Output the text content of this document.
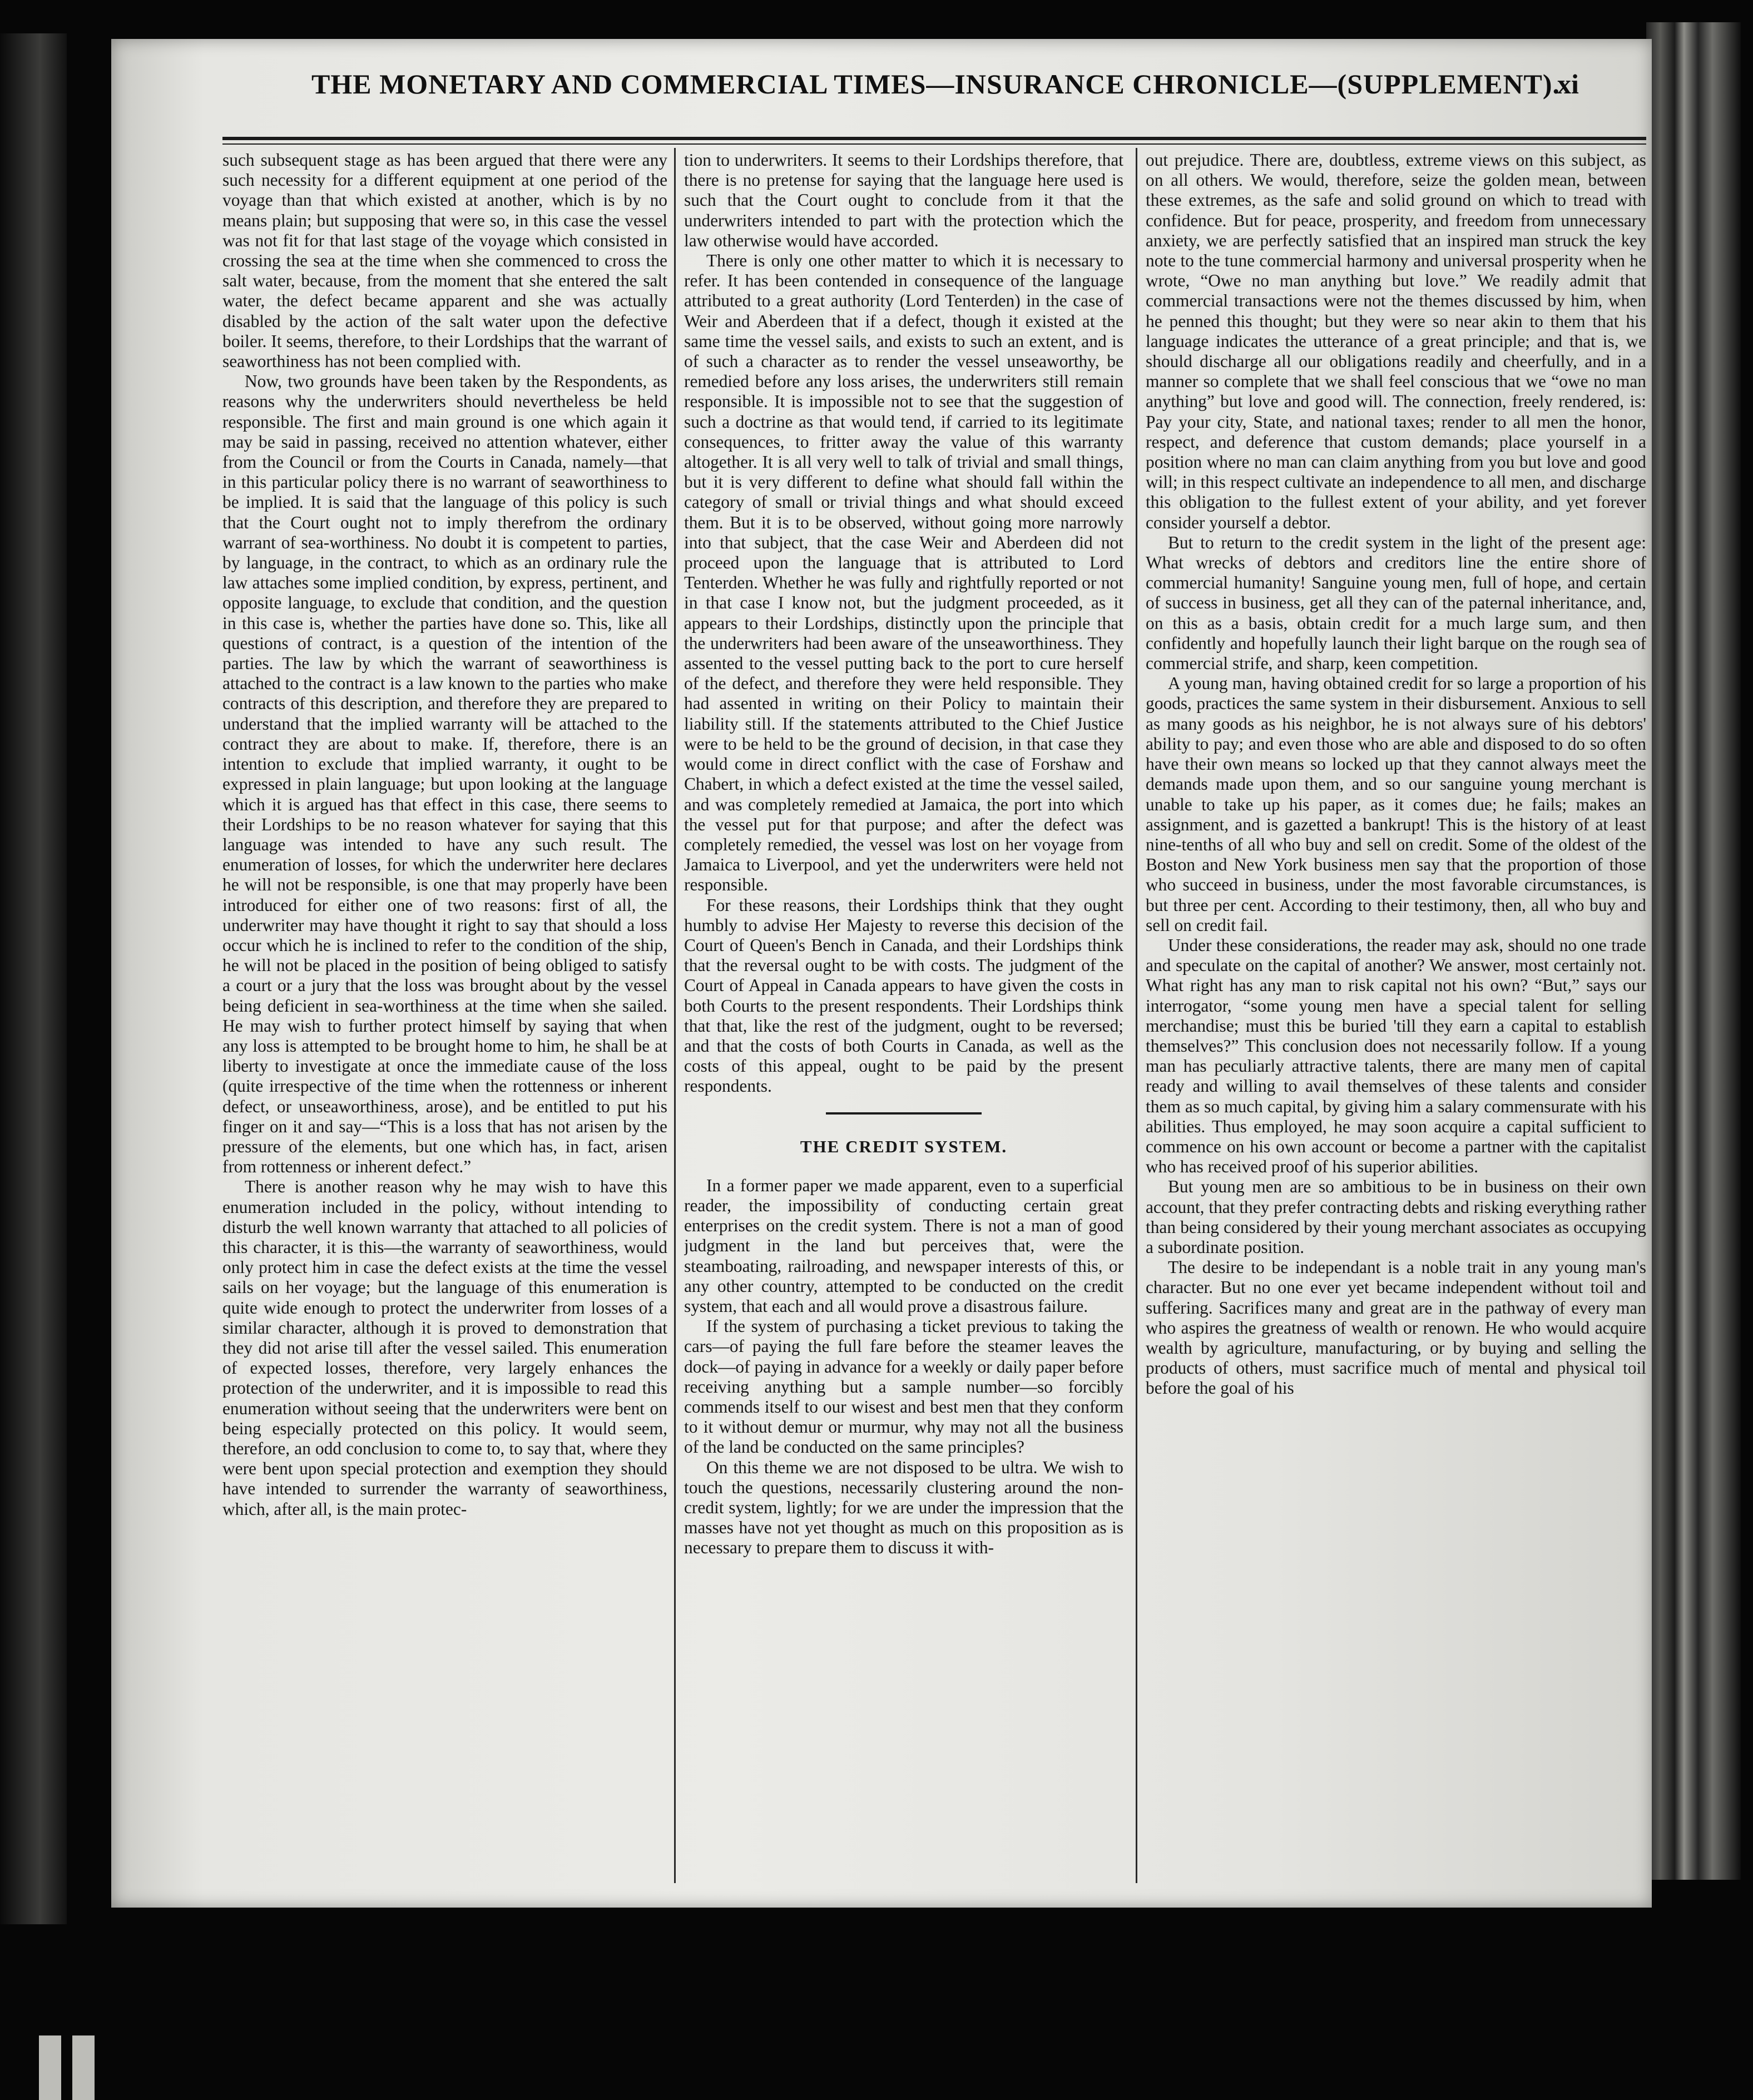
THE MONETARY AND COMMERCIAL TIMES—INSURANCE CHRONICLE—(SUPPLEMENT).
xi

such subsequent stage as has been argued that there were any such necessity for a different equipment at one period of the voyage than that which existed at another, which is by no means plain; but supposing that were so, in this case the vessel was not fit for that last stage of the voyage which consisted in crossing the sea at the time when she commenced to cross the salt water, because, from the moment that she entered the salt water, the defect became apparent and she was actually disabled by the action of the salt water upon the defective boiler. It seems, therefore, to their Lordships that the warrant of seaworthiness has not been complied with.

Now, two grounds have been taken by the Respondents, as reasons why the underwriters should nevertheless be held responsible. The first and main ground is one which again it may be said in passing, received no attention whatever, either from the Council or from the Courts in Canada, namely—that in this particular policy there is no warrant of seaworthiness to be implied. It is said that the language of this policy is such that the Court ought not to imply therefrom the ordinary warrant of sea-worthiness. No doubt it is competent to parties, by language, in the contract, to which as an ordinary rule the law attaches some implied condition, by express, pertinent, and opposite language, to exclude that condition, and the question in this case is, whether the parties have done so. This, like all questions of contract, is a question of the intention of the parties. The law by which the warrant of seaworthiness is attached to the contract is a law known to the parties who make contracts of this description, and therefore they are prepared to understand that the implied warranty will be attached to the contract they are about to make. If, therefore, there is an intention to exclude that implied warranty, it ought to be expressed in plain language; but upon looking at the language which it is argued has that effect in this case, there seems to their Lordships to be no reason whatever for saying that this language was intended to have any such result. The enumeration of losses, for which the underwriter here declares he will not be responsible, is one that may properly have been introduced for either one of two reasons: first of all, the underwriter may have thought it right to say that should a loss occur which he is inclined to refer to the condition of the ship, he will not be placed in the position of being obliged to satisfy a court or a jury that the loss was brought about by the vessel being deficient in sea-worthiness at the time when she sailed. He may wish to further protect himself by saying that when any loss is attempted to be brought home to him, he shall be at liberty to investigate at once the immediate cause of the loss (quite irrespective of the time when the rottenness or inherent defect, or unseaworthiness, arose), and be entitled to put his finger on it and say—“This is a loss that has not arisen by the pressure of the elements, but one which has, in fact, arisen from rottenness or inherent defect.”

There is another reason why he may wish to have this enumeration included in the policy, without intending to disturb the well known warranty that attached to all policies of this character, it is this—the warranty of seaworthiness, would only protect him in case the defect exists at the time the vessel sails on her voyage; but the language of this enumeration is quite wide enough to protect the underwriter from losses of a similar character, although it is proved to demonstration that they did not arise till after the vessel sailed. This enumeration of expected losses, therefore, very largely enhances the protection of the underwriter, and it is impossible to read this enumeration without seeing that the underwriters were bent on being especially protected on this policy. It would seem, therefore, an odd conclusion to come to, to say that, where they were bent upon special protection and exemption they should have intended to surrender the warranty of seaworthiness, which, after all, is the main protec-

tion to underwriters. It seems to their Lordships therefore, that there is no pretense for saying that the language here used is such that the Court ought to conclude from it that the underwriters intended to part with the protection which the law otherwise would have accorded.

There is only one other matter to which it is necessary to refer. It has been contended in consequence of the language attributed to a great authority (Lord Tenterden) in the case of Weir and Aberdeen that if a defect, though it existed at the same time the vessel sails, and exists to such an extent, and is of such a character as to render the vessel unseaworthy, be remedied before any loss arises, the underwriters still remain responsible. It is impossible not to see that the suggestion of such a doctrine as that would tend, if carried to its legitimate consequences, to fritter away the value of this warranty altogether. It is all very well to talk of trivial and small things, but it is very different to define what should fall within the category of small or trivial things and what should exceed them. But it is to be observed, without going more narrowly into that subject, that the case Weir and Aberdeen did not proceed upon the language that is attributed to Lord Tenterden. Whether he was fully and rightfully reported or not in that case I know not, but the judgment proceeded, as it appears to their Lordships, distinctly upon the principle that the underwriters had been aware of the unseaworthiness. They assented to the vessel putting back to the port to cure herself of the defect, and therefore they were held responsible. They had assented in writing on their Policy to maintain their liability still. If the statements attributed to the Chief Justice were to be held to be the ground of decision, in that case they would come in direct conflict with the case of Forshaw and Chabert, in which a defect existed at the time the vessel sailed, and was completely remedied at Jamaica, the port into which the vessel put for that purpose; and after the defect was completely remedied, the vessel was lost on her voyage from Jamaica to Liverpool, and yet the underwriters were held not responsible.

For these reasons, their Lordships think that they ought humbly to advise Her Majesty to reverse this decision of the Court of Queen's Bench in Canada, and their Lordships think that the reversal ought to be with costs. The judgment of the Court of Appeal in Canada appears to have given the costs in both Courts to the present respondents. Their Lordships think that that, like the rest of the judgment, ought to be reversed; and that the costs of both Courts in Canada, as well as the costs of this appeal, ought to be paid by the present respondents.

THE CREDIT SYSTEM.

In a former paper we made apparent, even to a superficial reader, the impossibility of conducting certain great enterprises on the credit system. There is not a man of good judgment in the land but perceives that, were the steamboating, railroading, and newspaper interests of this, or any other country, attempted to be conducted on the credit system, that each and all would prove a disastrous failure.

If the system of purchasing a ticket previous to taking the cars—of paying the full fare before the steamer leaves the dock—of paying in advance for a weekly or daily paper before receiving anything but a sample number—so forcibly commends itself to our wisest and best men that they conform to it without demur or murmur, why may not all the business of the land be conducted on the same principles?

On this theme we are not disposed to be ultra. We wish to touch the questions, necessarily clustering around the non-credit system, lightly; for we are under the impression that the masses have not yet thought as much on this proposition as is necessary to prepare them to discuss it with-

out prejudice. There are, doubtless, extreme views on this subject, as on all others. We would, therefore, seize the golden mean, between these extremes, as the safe and solid ground on which to tread with confidence. But for peace, prosperity, and freedom from unnecessary anxiety, we are perfectly satisfied that an inspired man struck the key note to the tune commercial harmony and universal prosperity when he wrote, “Owe no man anything but love.” We readily admit that commercial transactions were not the themes discussed by him, when he penned this thought; but they were so near akin to them that his language indicates the utterance of a great principle; and that is, we should discharge all our obligations readily and cheerfully, and in a manner so complete that we shall feel conscious that we “owe no man anything” but love and good will. The connection, freely rendered, is: Pay your city, State, and national taxes; render to all men the honor, respect, and deference that custom demands; place yourself in a position where no man can claim anything from you but love and good will; in this respect cultivate an independence to all men, and discharge this obligation to the fullest extent of your ability, and yet forever consider yourself a debtor.

But to return to the credit system in the light of the present age: What wrecks of debtors and creditors line the entire shore of commercial humanity! Sanguine young men, full of hope, and certain of success in business, get all they can of the paternal inheritance, and, on this as a basis, obtain credit for a much large sum, and then confidently and hopefully launch their light barque on the rough sea of commercial strife, and sharp, keen competition.

A young man, having obtained credit for so large a proportion of his goods, practices the same system in their disbursement. Anxious to sell as many goods as his neighbor, he is not always sure of his debtors' ability to pay; and even those who are able and disposed to do so often have their own means so locked up that they cannot always meet the demands made upon them, and so our sanguine young merchant is unable to take up his paper, as it comes due; he fails; makes an assignment, and is gazetted a bankrupt! This is the history of at least nine-tenths of all who buy and sell on credit. Some of the oldest of the Boston and New York business men say that the proportion of those who succeed in business, under the most favorable circumstances, is but three per cent. According to their testimony, then, all who buy and sell on credit fail.

Under these considerations, the reader may ask, should no one trade and speculate on the capital of another? We answer, most certainly not. What right has any man to risk capital not his own? “But,” says our interrogator, “some young men have a special talent for selling merchandise; must this be buried 'till they earn a capital to establish themselves?” This conclusion does not necessarily follow. If a young man has peculiarly attractive talents, there are many men of capital ready and willing to avail themselves of these talents and consider them as so much capital, by giving him a salary commensurate with his abilities. Thus employed, he may soon acquire a capital sufficient to commence on his own account or become a partner with the capitalist who has received proof of his superior abilities.

But young men are so ambitious to be in business on their own account, that they prefer contracting debts and risking everything rather than being considered by their young merchant associates as occupying a subordinate position.

The desire to be independant is a noble trait in any young man's character. But no one ever yet became independent without toil and suffering. Sacrifices many and great are in the pathway of every man who aspires the greatness of wealth or renown. He who would acquire wealth by agriculture, manufacturing, or by buying and selling the products of others, must sacrifice much of mental and physical toil before the goal of his
